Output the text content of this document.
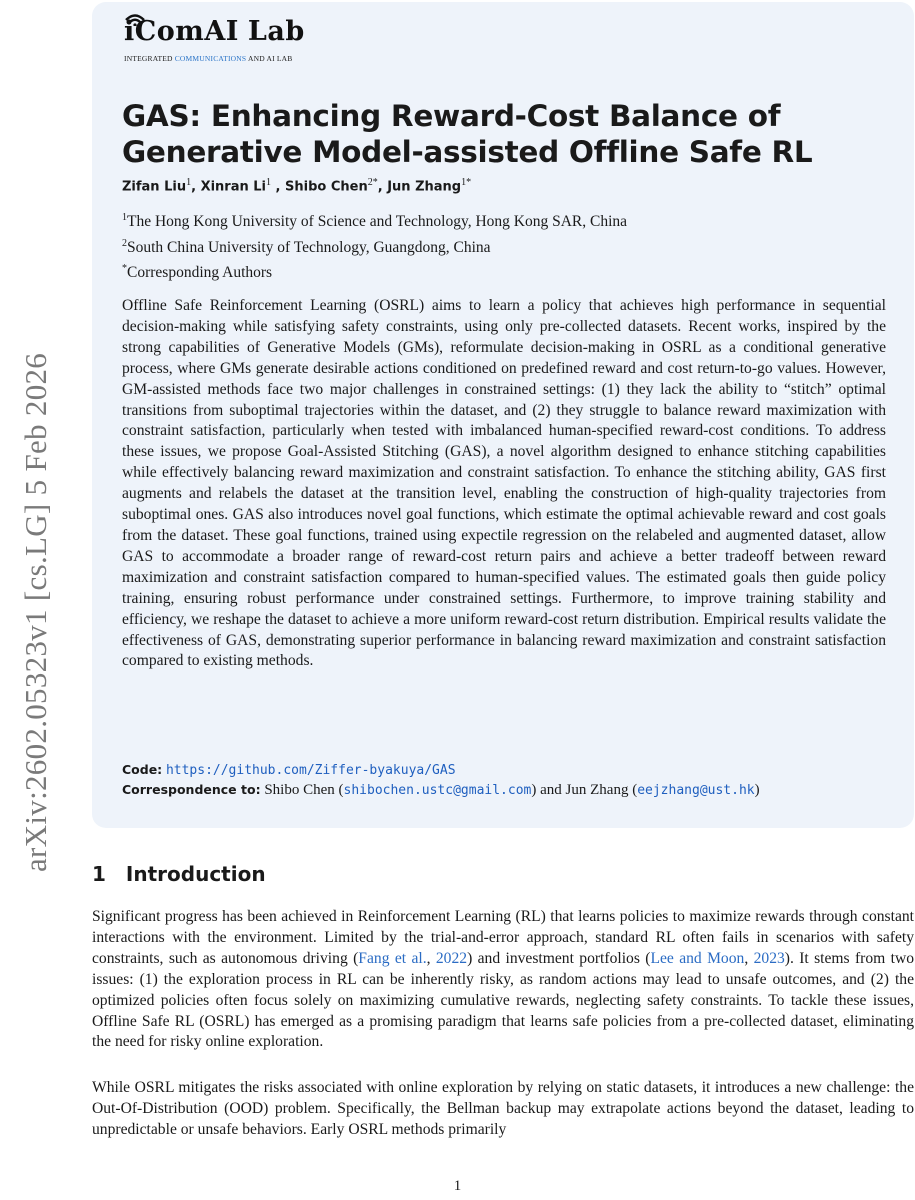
arXiv:2602.05323v1 [cs.LG] 5 Feb 2026
iComAI Lab
INTEGRATED COMMUNICATIONS AND AI LAB
GAS: Enhancing Reward-Cost Balance of
Generative Model-assisted Offline Safe RL
Zifan Liu$^1$, Xinran Li$^1$ , Shibo Chen$^{2*}$, Jun Zhang$^{1*}$
$^1$The Hong Kong University of Science and Technology, Hong Kong SAR, China
$^2$South China University of Technology, Guangdong, China
*Corresponding Authors

Offline Safe Reinforcement Learning (OSRL) aims to learn a policy that achieves high performance in sequential decision-making while satisfying safety constraints, using only pre-collected datasets. Recent works, inspired by the strong capabilities of Generative Models (GMs), reformulate decision-making in OSRL as a conditional generative process, where GMs generate desirable actions conditioned on predefined reward and cost return-to-go values. However, GM-assisted methods face two major challenges in constrained settings: (1) they lack the ability to “stitch” optimal transitions from suboptimal trajectories within the dataset, and (2) they struggle to balance reward maximization with constraint satisfaction, particularly when tested with imbalanced human-specified reward-cost conditions. To address these issues, we propose Goal-Assisted Stitching (GAS), a novel algorithm designed to enhance stitching capabilities while effectively balancing reward maximization and constraint satisfaction. To enhance the stitching ability, GAS first augments and relabels the dataset at the transition level, enabling the construction of high-quality trajectories from suboptimal ones. GAS also introduces novel goal functions, which estimate the optimal achievable reward and cost goals from the dataset. These goal functions, trained using expectile regression on the relabeled and augmented dataset, allow GAS to accommodate a broader range of reward-cost return pairs and achieve a better tradeoff between reward maximization and constraint satisfaction compared to human-specified values. The estimated goals then guide policy training, ensuring robust performance under constrained settings. Furthermore, to improve training stability and efficiency, we reshape the dataset to achieve a more uniform reward-cost return distribution. Empirical results validate the effectiveness of GAS, demonstrating superior performance in balancing reward maximization and constraint satisfaction compared to existing methods.

Code: https://github.com/Ziffer-byakuya/GAS
Correspondence to: Shibo Chen (shibochen.ustc@gmail.com) and Jun Zhang (eejzhang@ust.hk)
1 Introduction

Significant progress has been achieved in Reinforcement Learning (RL) that learns policies to maximize rewards through constant interactions with the environment. Limited by the trial-and-error approach, standard RL often fails in scenarios with safety constraints, such as autonomous driving (Fang et al., 2022) and investment portfolios (Lee and Moon, 2023). It stems from two issues: (1) the exploration process in RL can be inherently risky, as random actions may lead to unsafe outcomes, and (2) the optimized policies often focus solely on maximizing cumulative rewards, neglecting safety constraints. To tackle these issues, Offline Safe RL (OSRL) has emerged as a promising paradigm that learns safe policies from a pre-collected dataset, eliminating the need for risky online exploration.

While OSRL mitigates the risks associated with online exploration by relying on static datasets, it introduces a new challenge: the Out-Of-Distribution (OOD) problem. Specifically, the Bellman backup may extrapolate actions beyond the dataset, leading to unpredictable or unsafe behaviors. Early OSRL methods primarily

1
